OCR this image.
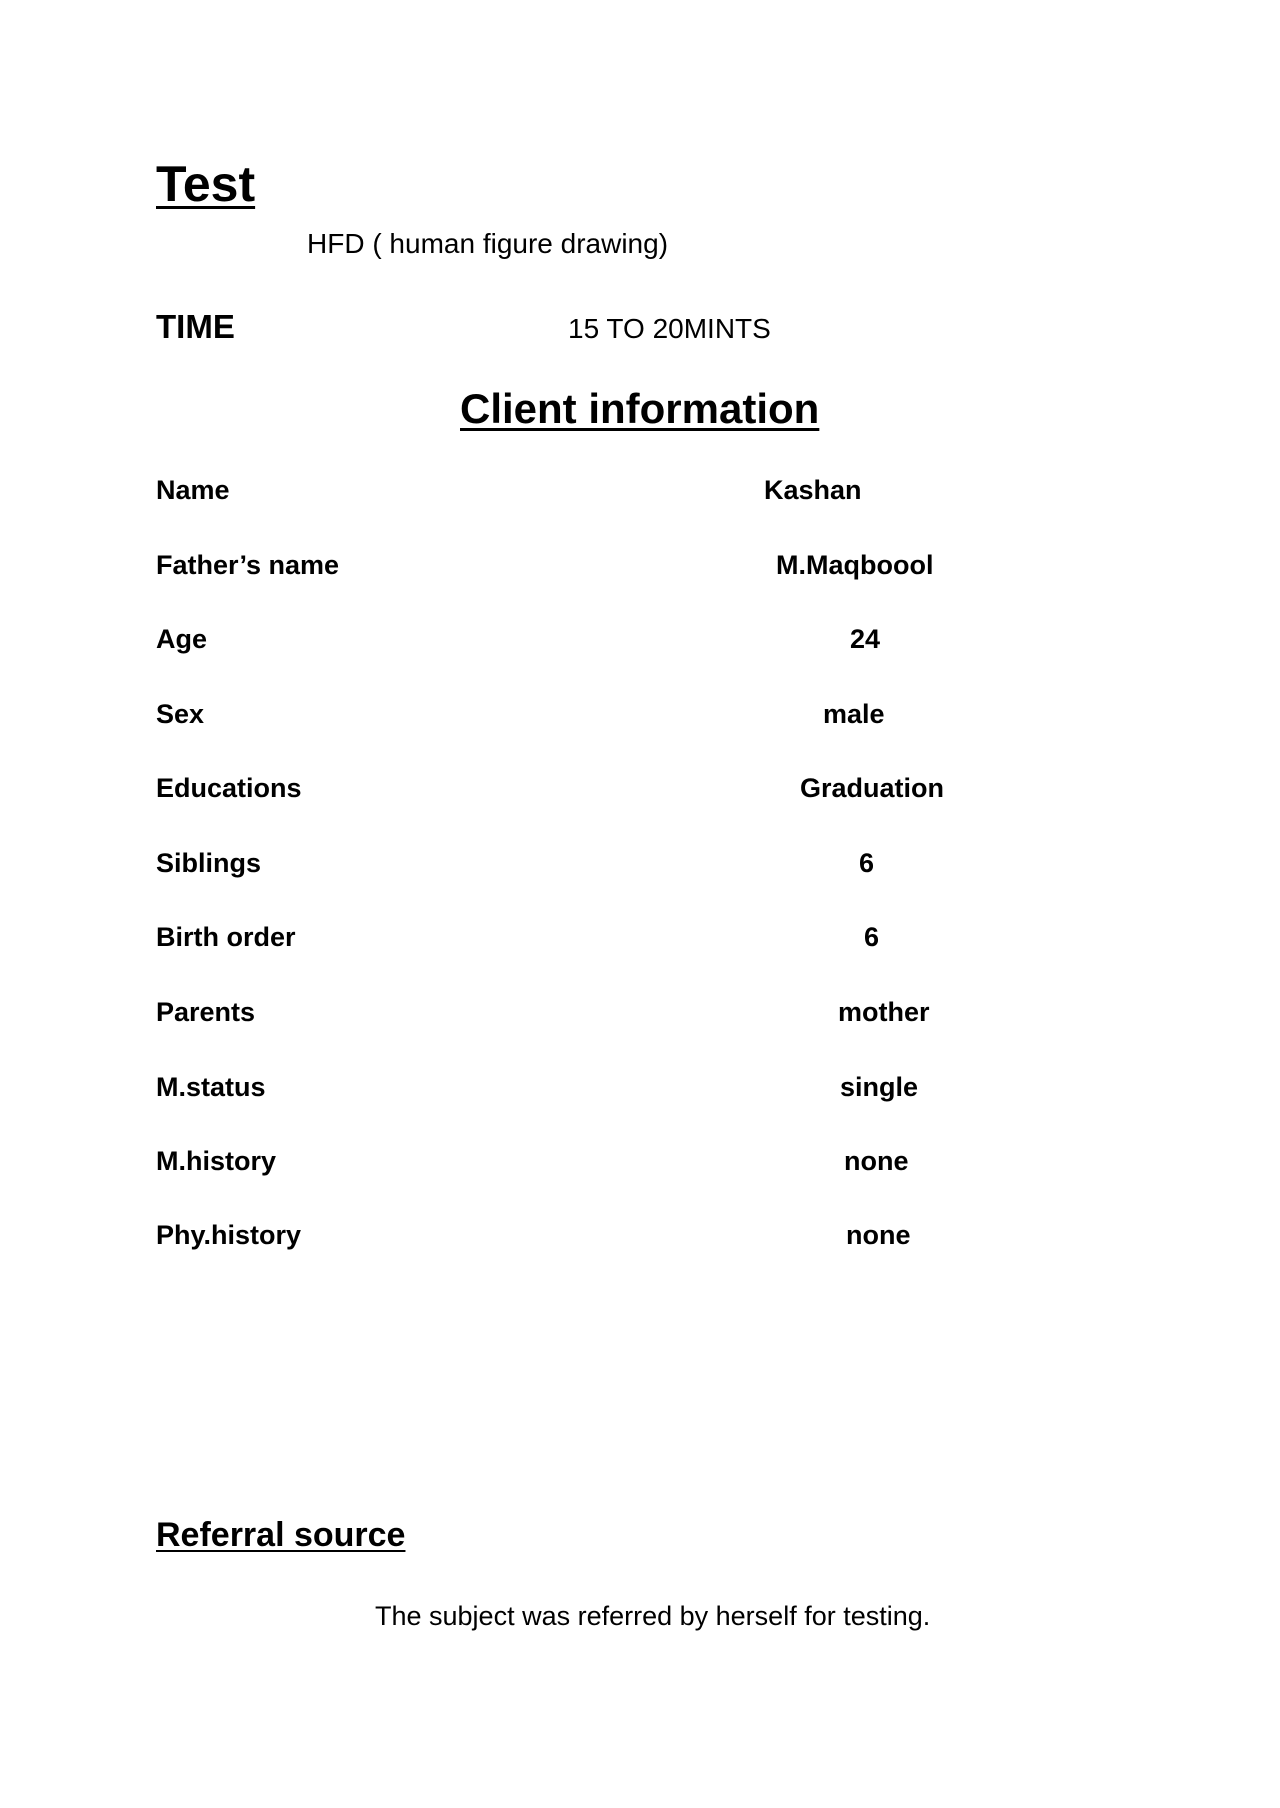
Test
HFD ( human figure drawing)
TIME	15 TO 20MINTS
Client information
Name	Kashan
Father’s name	M.Maqboool
Age	24
Sex	male
Educations	Graduation
Siblings	6
Birth order	6
Parents	mother
M.status	single
M.history	none
Phy.history	none
Referral source
The subject was referred by herself for testing.
